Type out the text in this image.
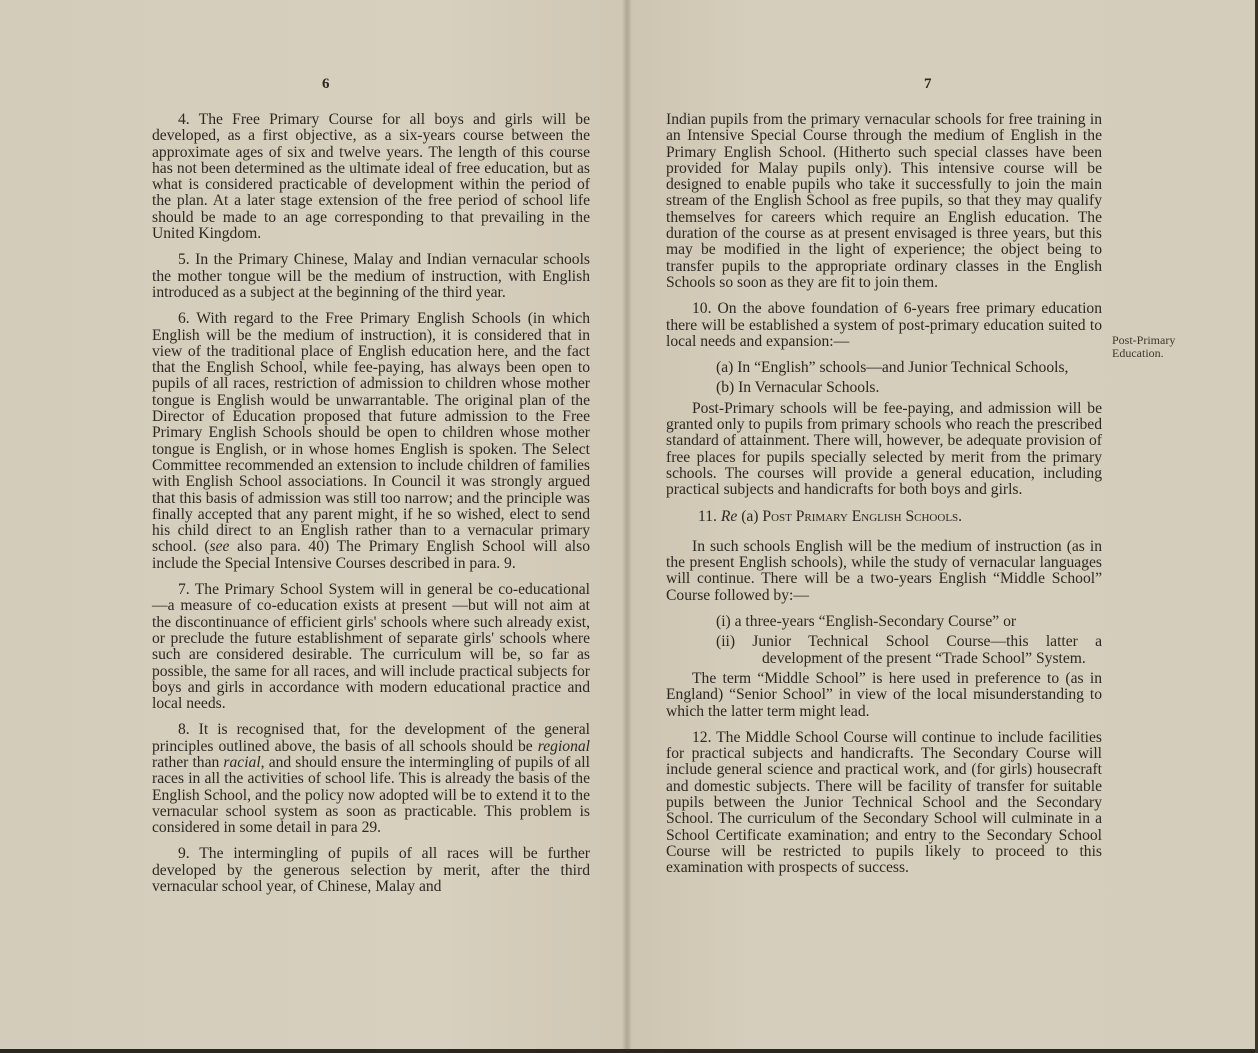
6

4. The Free Primary Course for all boys and girls will be developed, as a first objective, as a six-years course between the approximate ages of six and twelve years. The length of this course has not been determined as the ultimate ideal of free education, but as what is considered practicable of development within the period of the plan. At a later stage extension of the free period of school life should be made to an age corresponding to that prevailing in the United Kingdom.

5. In the Primary Chinese, Malay and Indian vernacular schools the mother tongue will be the medium of instruction, with English introduced as a subject at the beginning of the third year.

6. With regard to the Free Primary English Schools (in which English will be the medium of instruction), it is considered that in view of the traditional place of English education here, and the fact that the English School, while fee-paying, has always been open to pupils of all races, restriction of admission to children whose mother tongue is English would be unwarrantable. The original plan of the Director of Education proposed that future admission to the Free Primary English Schools should be open to children whose mother tongue is English, or in whose homes English is spoken. The Select Committee recommended an extension to include children of families with English School associations. In Council it was strongly argued that this basis of admission was still too narrow; and the principle was finally accepted that any parent might, if he so wished, elect to send his child direct to an English rather than to a vernacular primary school. (see also para. 40) The Primary English School will also include the Special Intensive Courses described in para. 9.

7. The Primary School System will in general be co-educational—a measure of co-education exists at present —but will not aim at the discontinuance of efficient girls' schools where such already exist, or preclude the future establishment of separate girls' schools where such are considered desirable. The curriculum will be, so far as possible, the same for all races, and will include practical subjects for boys and girls in accordance with modern educational practice and local needs.

8. It is recognised that, for the development of the general principles outlined above, the basis of all schools should be regional rather than racial, and should ensure the intermingling of pupils of all races in all the activities of school life. This is already the basis of the English School, and the policy now adopted will be to extend it to the vernacular school system as soon as practicable. This problem is considered in some detail in para 29.

9. The intermingling of pupils of all races will be further developed by the generous selection by merit, after the third vernacular school year, of Chinese, Malay and

7

Indian pupils from the primary vernacular schools for free training in an Intensive Special Course through the medium of English in the Primary English School. (Hitherto such special classes have been provided for Malay pupils only). This intensive course will be designed to enable pupils who take it successfully to join the main stream of the English School as free pupils, so that they may qualify themselves for careers which require an English education. The duration of the course as at present envisaged is three years, but this may be modified in the light of experience; the object being to transfer pupils to the appropriate ordinary classes in the English Schools so soon as they are fit to join them.

10. On the above foundation of 6-years free primary education there will be established a system of post-primary education suited to local needs and expansion:—

(a) In “English” schools—and Junior Technical Schools,

(b) In Vernacular Schools.

Post-Primary schools will be fee-paying, and admission will be granted only to pupils from primary schools who reach the prescribed standard of attainment. There will, however, be adequate provision of free places for pupils specially selected by merit from the primary schools. The courses will provide a general education, including practical subjects and handicrafts for both boys and girls.

11. Re (a) Post Primary English Schools.

In such schools English will be the medium of instruction (as in the present English schools), while the study of vernacular languages will continue. There will be a two-years English “Middle School” Course followed by:—

(i) a three-years “English-Secondary Course” or

(ii) Junior Technical School Course—this latter a development of the present “Trade School” System.

The term “Middle School” is here used in preference to (as in England) “Senior School” in view of the local misunderstanding to which the latter term might lead.

12. The Middle School Course will continue to include facilities for practical subjects and handicrafts. The Secondary Course will include general science and practical work, and (for girls) housecraft and domestic subjects. There will be facility of transfer for suitable pupils between the Junior Technical School and the Secondary School. The curriculum of the Secondary School will culminate in a School Certificate examination; and entry to the Secondary School Course will be restricted to pupils likely to proceed to this examination with prospects of success.

Post-Primary Education.
